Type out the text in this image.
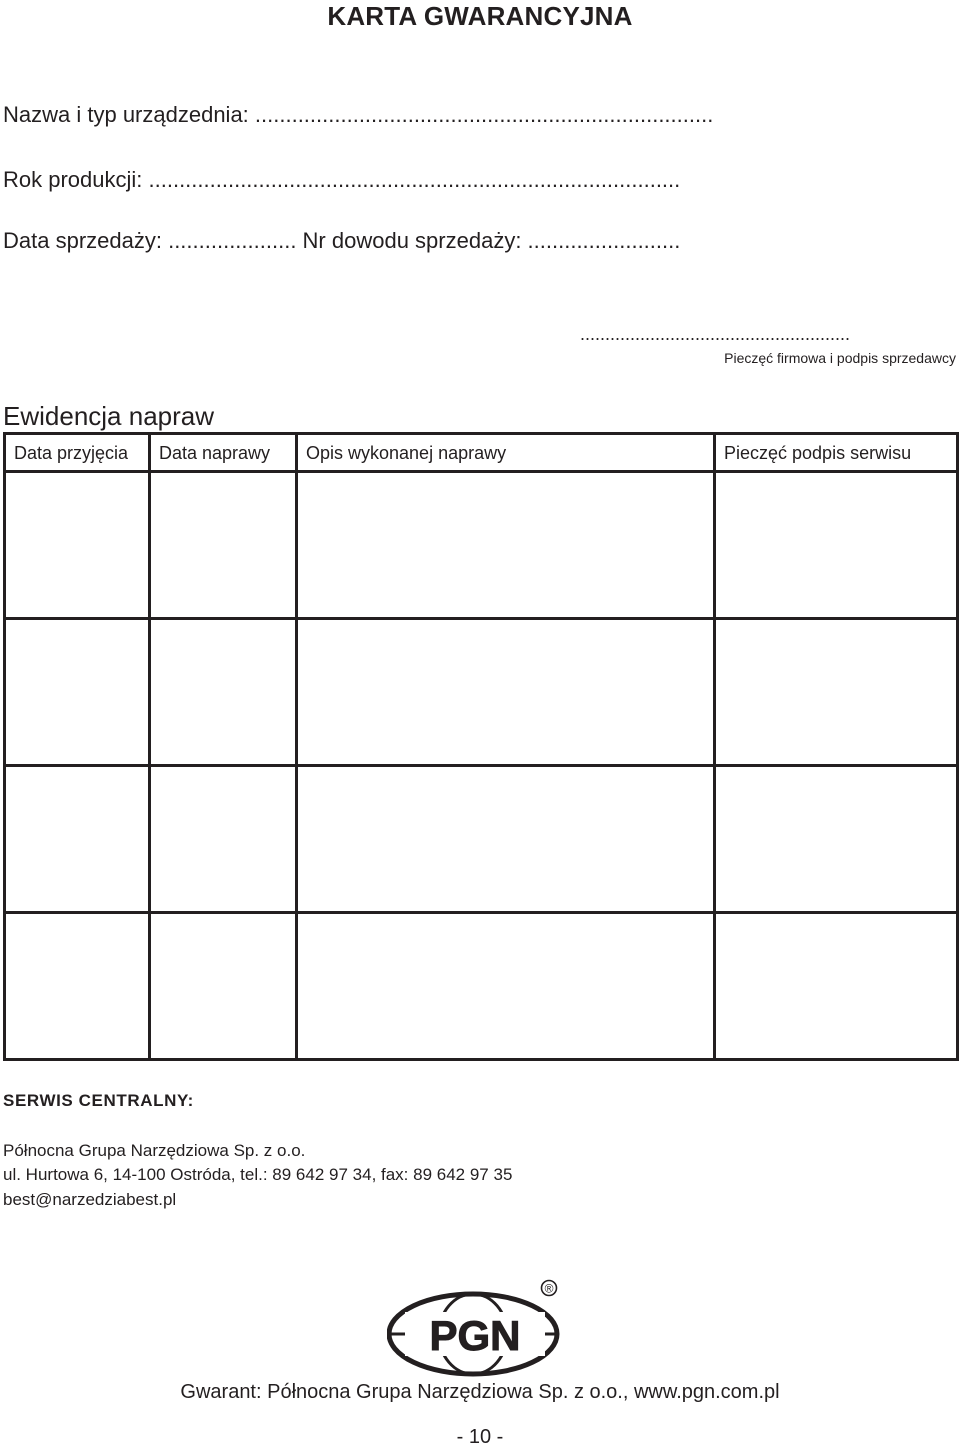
KARTA GWARANCYJNA
Nazwa i typ urządzednia: ...........................................................................
Rok produkcji: .......................................................................................
Data sprzedaży: ..................... Nr dowodu sprzedaży: .........................
......................................................
Pieczęć firmowa i podpis sprzedawcy
Ewidencja napraw
Data przyjęcia	Data naprawy	Opis wykonanej naprawy	Pieczęć podpis serwisu

SERWIS CENTRALNY:
Północna Grupa Narzędziowa Sp. z o.o.
ul. Hurtowa 6, 14-100 Ostróda, tel.: 89 642 97 34, fax: 89 642 97 35
best@narzedziabest.pl
®
PGN
Gwarant: Północna Grupa Narzędziowa Sp. z o.o., www.pgn.com.pl
- 10 -
